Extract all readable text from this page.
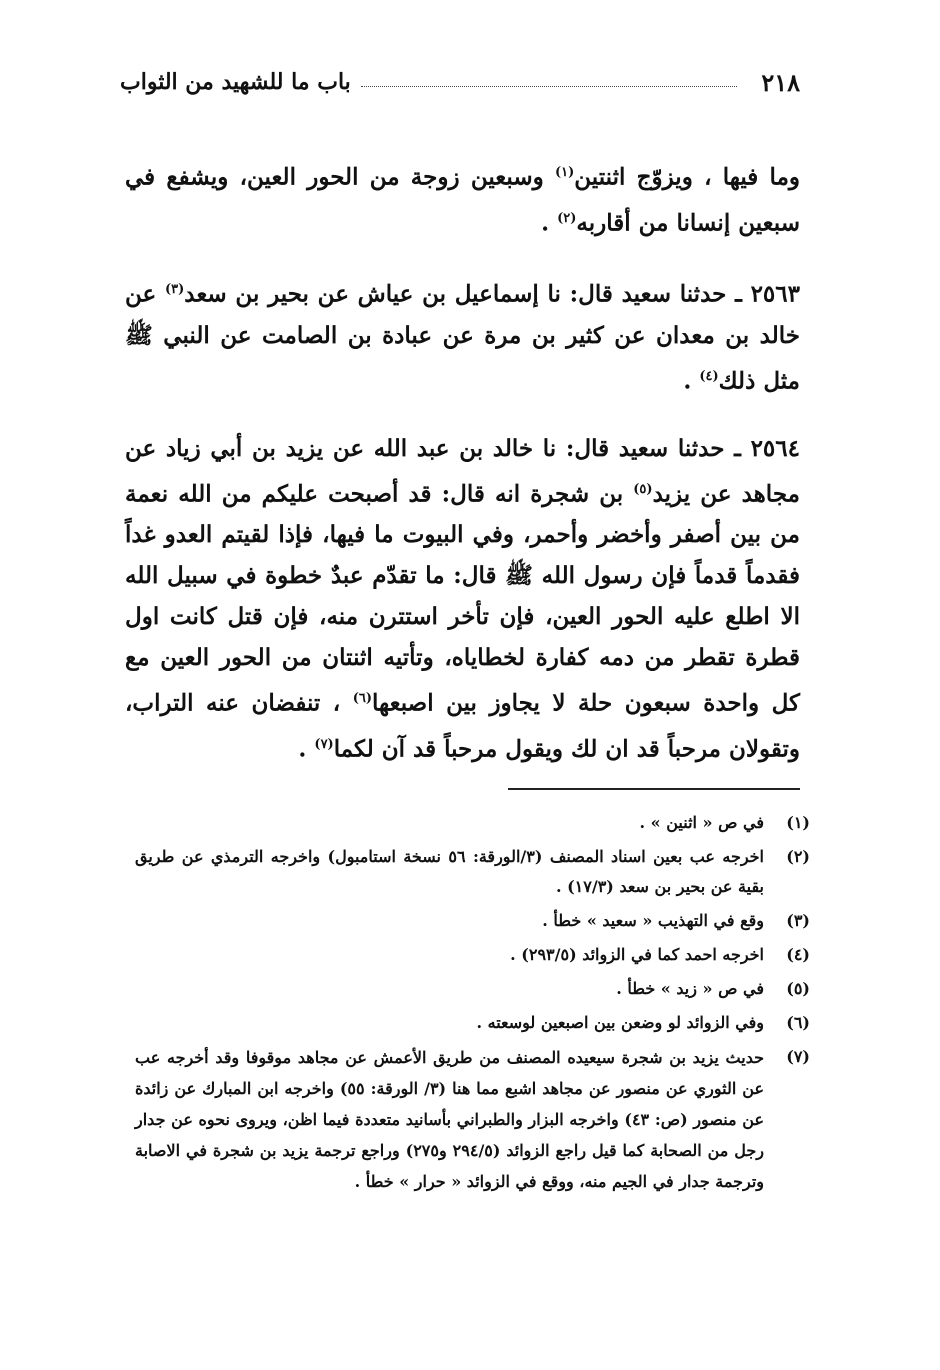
٢١٨
باب ما للشهيد من الثواب

وما فيها ، ويزوّج اثنتين$^{(١)}$ وسبعين زوجة من الحور العين، ويشفع في سبعين إنسانا من أقاربه$^{(٢)}$ .

٢٥٦٣ ـ حدثنا سعيد قال: نا إسماعيل بن عياش عن بحير بن سعد$^{(٣)}$ عن خالد بن معدان عن كثير بن مرة عن عبادة بن الصامت عن النبي ﷺ مثل ذلك$^{(٤)}$ .

٢٥٦٤ ـ حدثنا سعيد قال: نا خالد بن عبد الله عن يزيد بن أبي زياد عن مجاهد عن يزيد$^{(٥)}$ بن شجرة انه قال: قد أصبحت عليكم من الله نعمة من بين أصفر وأخضر وأحمر، وفي البيوت ما فيها، فإذا لقيتم العدو غداً فقدماً قدماً فإن رسول الله ﷺ قال: ما تقدّم عبدٌ خطوة في سبيل الله الا اطلع عليه الحور العين، فإن تأخر استترن منه، فإن قتل كانت اول قطرة تقطر من دمه كفارة لخطاياه، وتأتيه اثنتان من الحور العين مع كل واحدة سبعون حلة لا يجاوز بين اصبعها$^{(٦)}$ ، تنفضان عنه التراب، وتقولان مرحباً قد ان لك ويقول مرحباً قد آن لكما$^{(٧)}$ .

(١)
في ص « اثنين » .
(٢)
اخرجه عب بعين اسناد المصنف (٣/الورقة: ٥٦ نسخة استامبول) واخرجه الترمذي عن طريق بقية عن بحير بن سعد (١٧/٣) .
(٣)
وقع في التهذيب « سعيد » خطأ .
(٤)
اخرجه احمد كما في الزوائد (٢٩٣/٥) .
(٥)
في ص « زيد » خطأ .
(٦)
وفي الزوائد لو وضعن بين اصبعين لوسعته .
(٧)
حديث يزيد بن شجرة سيعيده المصنف من طريق الأعمش عن مجاهد موقوفا وقد أخرجه عب عن الثوري عن منصور عن مجاهد اشبع مما هنا (٣/ الورقة: ٥٥) واخرجه ابن المبارك عن زائدة عن منصور (ص: ٤٣) واخرجه البزار والطبراني بأسانيد متعددة فيما اظن، ويروى نحوه عن جدار رجل من الصحابة كما قيل راجع الزوائد (٢٩٤/٥ و٢٧٥) وراجع ترجمة يزيد بن شجرة في الاصابة وترجمة جدار في الجيم منه، ووقع في الزوائد « حرار » خطأ .
